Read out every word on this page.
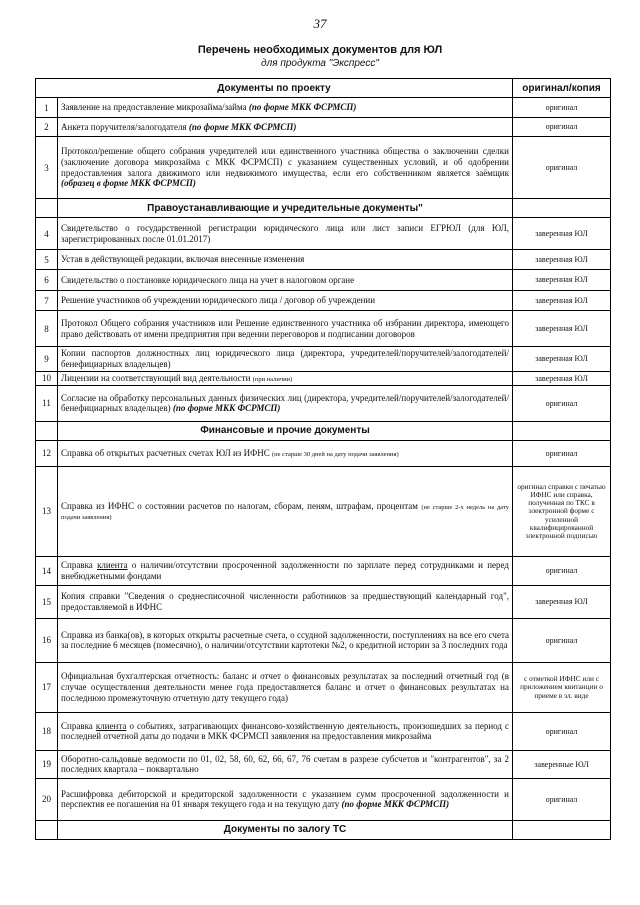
37
Перечень необходимых документов для ЮЛ
для продукта "Экспресс"
Документы по проекту		оригинал/копия
1	Заявление на предоставление микрозайма/займа (по форме МКК ФСРМСП)	оригинал
2	Анкета поручителя/залогодателя (по форме МКК ФСРМСП)	оригинал
3	Протокол/решение общего собрания учредителей или единственного участника общества о заключении сделки (заключение договора микрозайма с МКК ФСРМСП) с указанием существенных условий, и об одобрении предоставления залога движимого или недвижимого имущества, если его собственником является заёмщик (образец в форме МКК ФСРМСП)	оригинал
	Правоустанавливающие и учредительные документы"	
4	Свидетельство о государственной регистрации юридического лица или лист записи ЕГРЮЛ (для ЮЛ, зарегистрированных после 01.01.2017)	заверенная ЮЛ
5	Устав в действующей редакции, включая внесенные изменения	заверенная ЮЛ
6	Свидетельство о постановке юридического лица на учет в налоговом органе	заверенная ЮЛ
7	Решение участников об учреждении юридического лица / договор об учреждении	заверенная ЮЛ
8	Протокол Общего собрания участников или Решение единственного участника об избрании директора, имеющего право действовать от имени предприятия при ведении переговоров и подписании договоров	заверенная ЮЛ
9	Копии паспортов должностных лиц юридического лица (директора, учредителей/поручителей/залогодателей/бенефициарных владельцев)	заверенная ЮЛ
10	Лицензии на соответствующий вид деятельности (при наличии)	заверенная ЮЛ
11	Согласие на обработку персональных данных физических лиц (директора, учредителей/поручителей/залогодателей/бенефициарных владельцев) (по форме МКК ФСРМСП)	оригинал
	Финансовые и прочие документы	
12	Справка об открытых расчетных счетах ЮЛ из ИФНС (не старше 30 дней на дату подачи заявления)	оригинал
13	Справка из ИФНС о состоянии расчетов по налогам, сборам, пеням, штрафам, процентам (не старше 2-х недель на дату подачи заявления)	оригинал справки с печатью ИФНС или справка, полученная по ТКС в электронной форме с усиленной квалифицированной электронной подписью
14	Справка клиента о наличии/отсутствии просроченной задолженности по зарплате перед сотрудниками и перед внебюджетными фондами	оригинал
15	Копия справки "Сведения о среднесписочной численности работников за предшествующий календарный год", предоставляемой в ИФНС	заверенная ЮЛ
16	Справка из банка(ов), в которых открыты расчетные счета, о ссудной задолженности, поступлениях на все его счета за последние 6 месяцев (помесячно), о наличии/отсутствии картотеки №2, о кредитной истории за 3 последних года	оригинал
17	Официальная бухгалтерская отчетность: баланс и отчет о финансовых результатах за последний отчетный год (в случае осуществления деятельности менее года предоставляется баланс и отчет о финансовых результатах на последнюю промежуточную отчетную дату текущего года)	с отметкой ИФНС или с приложением квитанции о приеме в эл. виде
18	Справка клиента о событиях, затрагивающих финансово-хозяйственную деятельность, произошедших за период с последней отчетной даты до подачи в МКК ФСРМСП заявления на предоставления микрозайма	оригинал
19	Оборотно-сальдовые ведомости по 01, 02, 58, 60, 62, 66, 67, 76 счетам в разрезе субсчетов и "контрагентов", за 2 последних квартала – поквартально	заверенные ЮЛ
20	Расшифровка дебиторской и кредиторской задолженности с указанием сумм просроченной задолженности и перспектив ее погашения на 01 января текущего года и на текущую дату (по форме МКК ФСРМСП)	оригинал
	Документы по залогу ТС	
